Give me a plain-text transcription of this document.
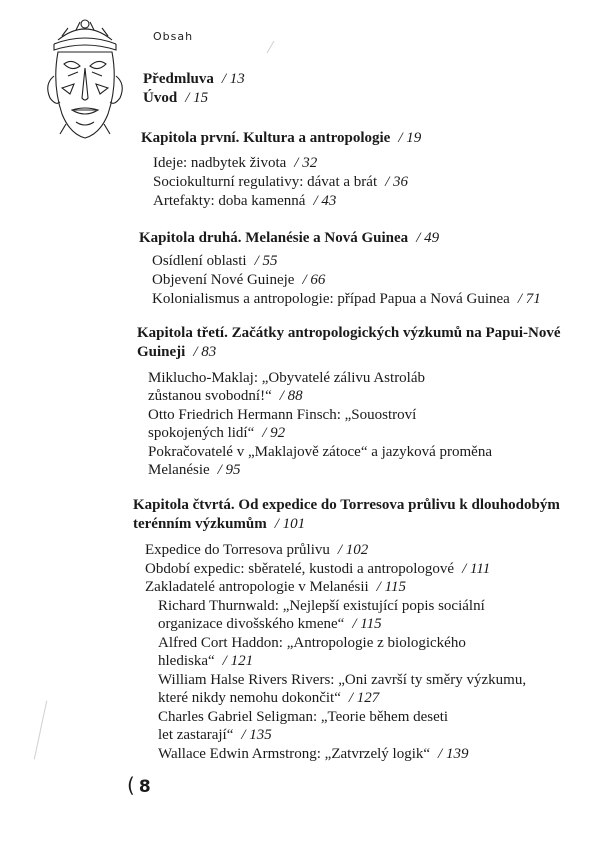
Obsah
Předmluva / 13
Úvod / 15
Kapitola první. Kultura a antropologie / 19
Ideje: nadbytek života / 32
Sociokulturní regulativy: dávat a brát / 36
Artefakty: doba kamenná / 43
Kapitola druhá. Melanésie a Nová Guinea / 49
Osídlení oblasti / 55
Objevení Nové Guineje / 66
Kolonialismus a antropologie: případ Papua a Nová Guinea / 71
Kapitola třetí. Začátky antropologických výzkumů na Papui-Nové
Guineji / 83
Miklucho-Maklaj: „Obyvatelé zálivu Astroláb
zůstanou svobodní!“ / 88
Otto Friedrich Hermann Finsch: „Souostroví
spokojených lidí“ / 92
Pokračovatelé v „Maklajově zátoce“ a jazyková proměna
Melanésie / 95
Kapitola čtvrtá. Od expedice do Torresova průlivu k dlouhodobým
terénním výzkumům / 101
Expedice do Torresova průlivu / 102
Období expedic: sběratelé, kustodi a antropologové / 111
Zakladatelé antropologie v Melanésii / 115
Richard Thurnwald: „Nejlepší existující popis sociální
organizace divošského kmene“ / 115
Alfred Cort Haddon: „Antropologie z biologického
hlediska“ / 121
William Halse Rivers Rivers: „Oni završí ty směry výzkumu,
které nikdy nemohu dokončit“ / 127
Charles Gabriel Seligman: „Teorie během deseti
let zastarají“ / 135
Wallace Edwin Armstrong: „Zatvrzelý logik“ / 139
( 8
